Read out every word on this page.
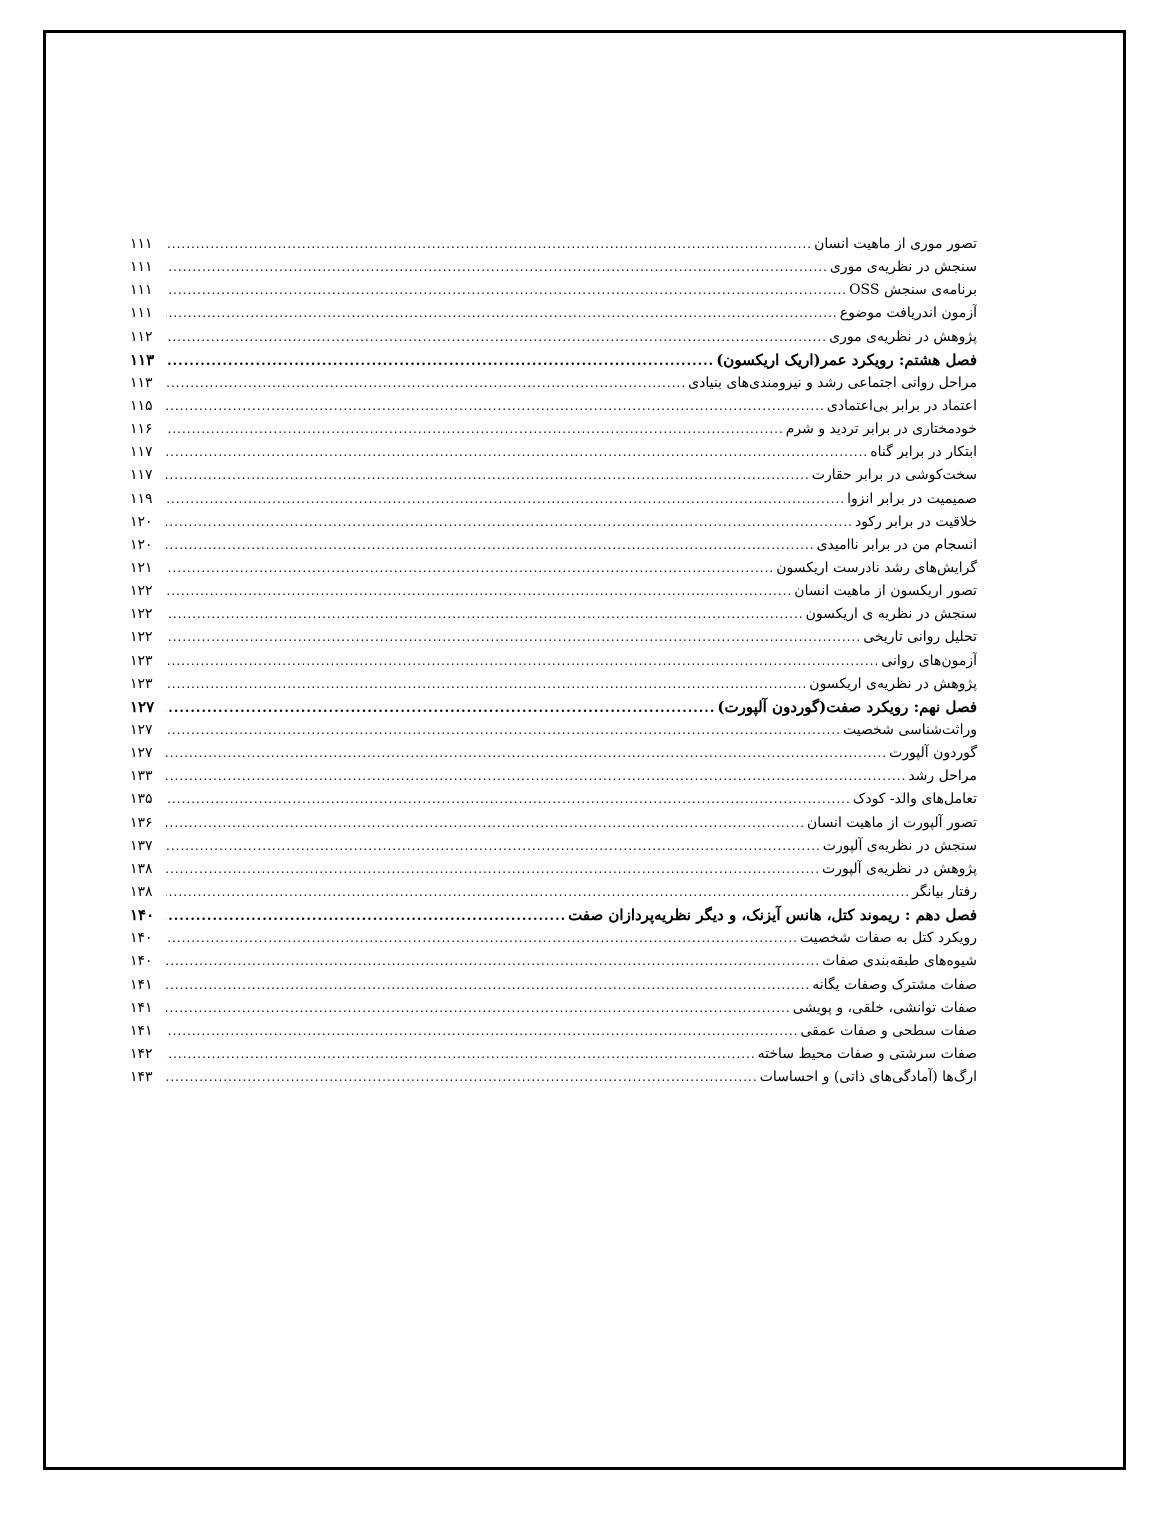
تصور موری از ماهیت انسان
.....
۱۱۱
سنجش در نظریه‌ی موری
.....
۱۱۱
برنامه‌ی سنجش OSS
.....
۱۱۱
آزمون اندریافت موضوع
.....
۱۱۱
پژوهش در نظریه‌ی موری
.....
۱۱۲
فصل هشتم: رویکرد عمر(اریک اریکسون)
.....
۱۱۳
مراحل روانی اجتماعی رشد و نیرومندی‌های بنیادی
.....
۱۱۳
اعتماد در برابر بی‌اعتمادی
.....
۱۱۵
خودمختاری در برابر تردید و شرم
.....
۱۱۶
ابتکار در برابر گناه
.....
۱۱۷
سخت‌کوشی در برابر حقارت
.....
۱۱۷
صمیمیت در برابر انزوا
.....
۱۱۹
خلاقیت در برابر رکود
.....
۱۲۰
انسجام من در برابر ناامیدی
.....
۱۲۰
گرایش‌های رشد نادرست اریکسون
.....
۱۲۱
تصور اریکسون از ماهیت انسان
.....
۱۲۲
سنجش در نظریه ی اریکسون
.....
۱۲۲
تحلیل روانی تاریخی
.....
۱۲۲
آزمون‌های روانی
.....
۱۲۳
پژوهش در نظریه‌ی اریکسون
.....
۱۲۳
فصل نهم: رویکرد صفت(گوردون آلپورت)
.....
۱۲۷
وراثت‌شناسی شخصیت
.....
۱۲۷
گوردون آلپورت
.....
۱۲۷
مراحل رشد
.....
۱۳۳
تعامل‌های والد- کودک
.....
۱۳۵
تصور آلپورت از ماهیت انسان
.....
۱۳۶
سنجش در نظریه‌ی آلپورت
.....
۱۳۷
پژوهش در نظریه‌ی آلپورت
.....
۱۳۸
رفتار بیانگر
.....
۱۳۸
فصل دهم : ریموند کتل، هانس آیزنک، و دیگر نظریه‌پردازان صفت
.....
۱۴۰
رویکرد کتل به صفات شخصیت
.....
۱۴۰
شیوه‌های طبقه‌بندی صفات
.....
۱۴۰
صفات مشترک وصفات یگانه
.....
۱۴۱
صفات توانشی، خلقی، و پویشی
.....
۱۴۱
صفات سطحی و صفات عمقی
.....
۱۴۱
صفات سرشتی و صفات محیط ساخته
.....
۱۴۲
ارگ‌ها (آمادگی‌های ذاتی) و احساسات
.....
۱۴۳
